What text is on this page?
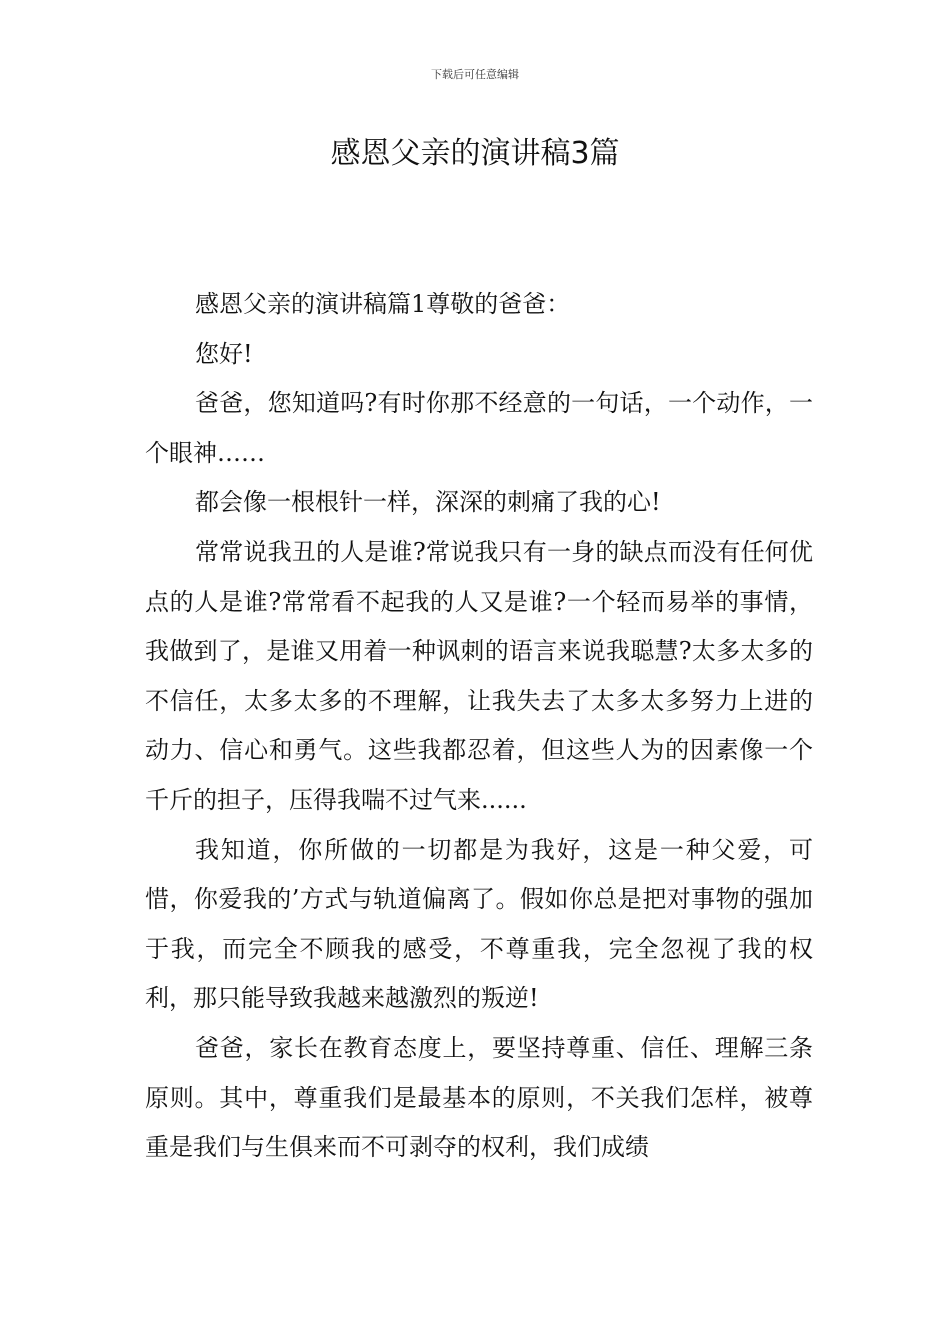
下载后可任意编辑
感恩父亲的演讲稿3篇

感恩父亲的演讲稿篇1尊敬的爸爸：

您好!

爸爸，您知道吗?有时你那不经意的一句话，一个动作，一个眼神……

都会像一根根针一样，深深的刺痛了我的心!

常常说我丑的人是谁?常说我只有一身的缺点而没有任何优点的人是谁?常常看不起我的人又是谁?一个轻而易举的事情，我做到了，是谁又用着一种讽刺的语言来说我聪慧?太多太多的不信任，太多太多的不理解，让我失去了太多太多努力上进的动力、信心和勇气。这些我都忍着，但这些人为的因素像一个千斤的担子，压得我喘不过气来......

我知道，你所做的一切都是为我好，这是一种父爱，可惜，你爱我的’方式与轨道偏离了。假如你总是把对事物的强加于我，而完全不顾我的感受，不尊重我，完全忽视了我的权利，那只能导致我越来越激烈的叛逆!

爸爸，家长在教育态度上，要坚持尊重、信任、理解三条原则。其中，尊重我们是最基本的原则，不关我们怎样，被尊重是我们与生俱来而不可剥夺的权利，我们成绩
